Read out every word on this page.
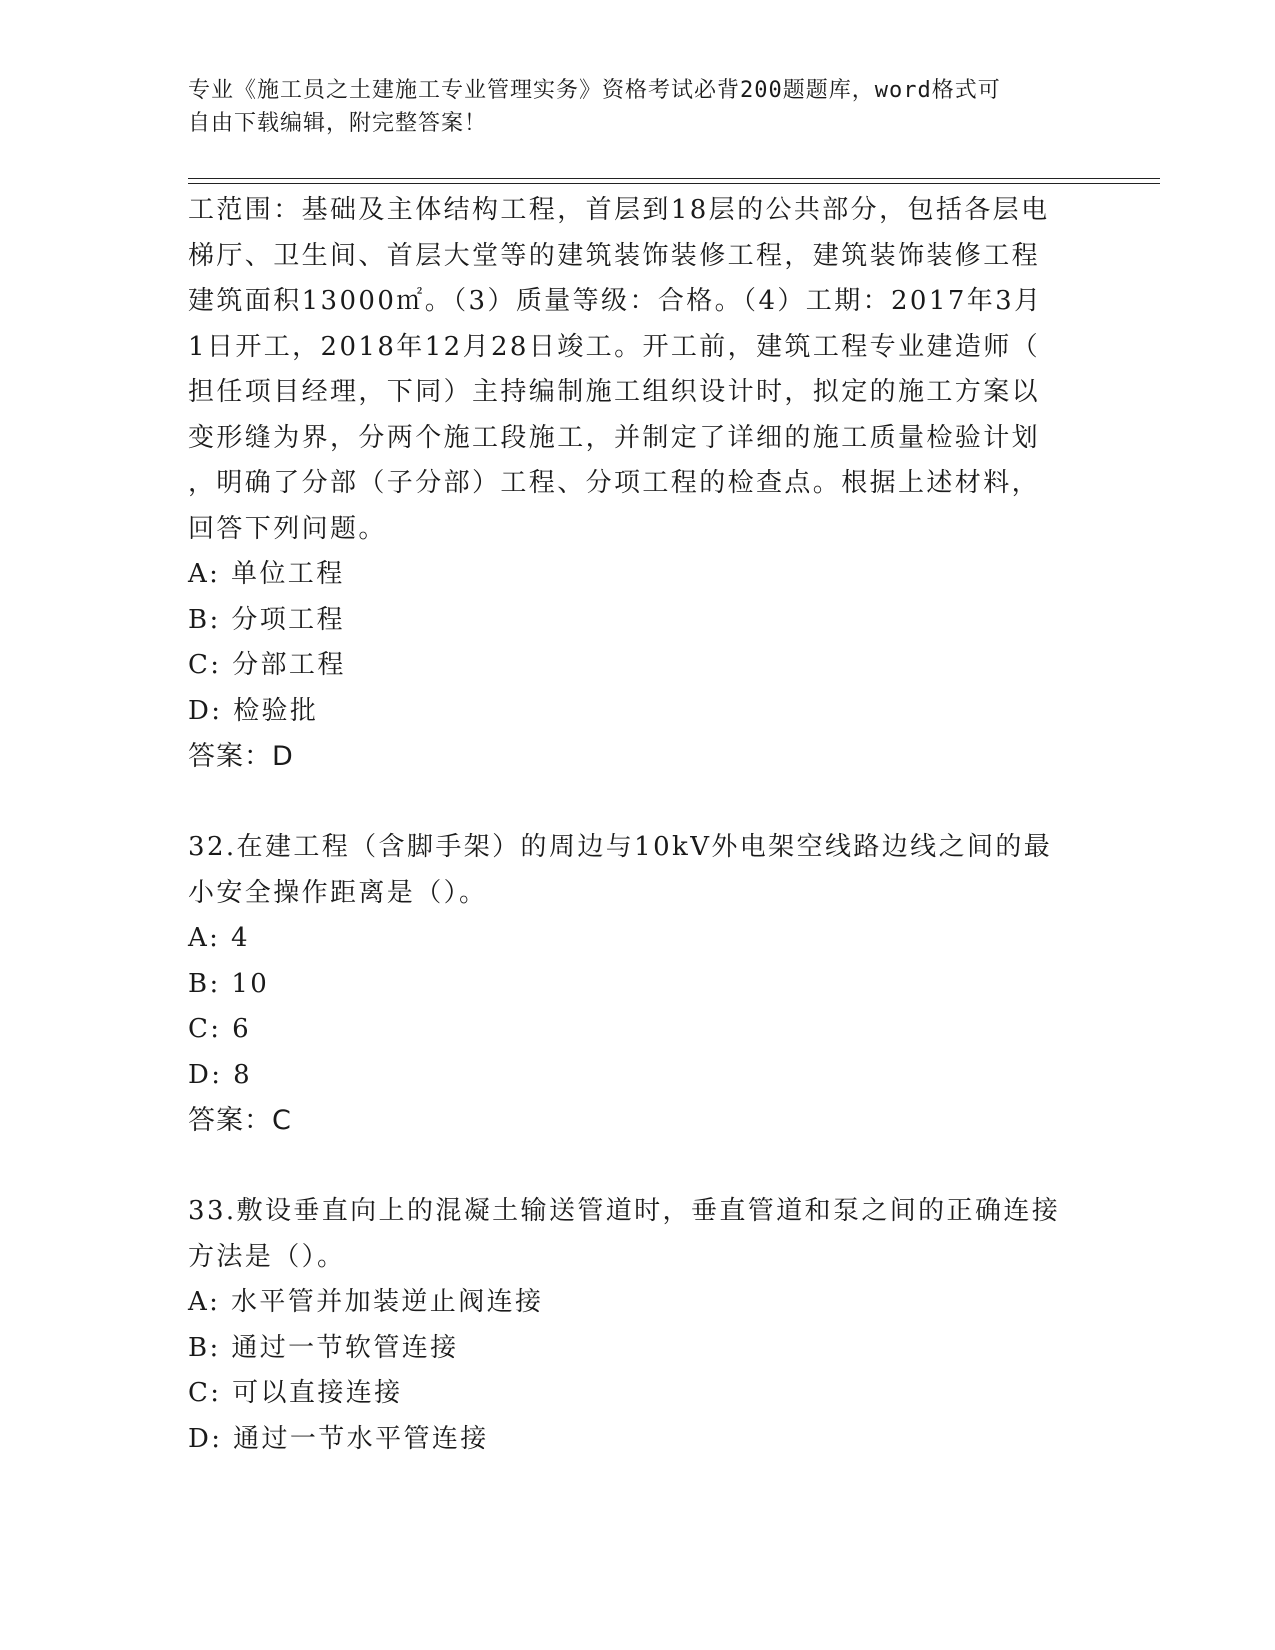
专业《施工员之土建施工专业管理实务》资格考试必背200题题库，word格式可
自由下载编辑，附完整答案！
工范围：基础及主体结构工程，首层到18层的公共部分，包括各层电
梯厅、卫生间、首层大堂等的建筑装饰装修工程，建筑装饰装修工程
建筑面积13000㎡。（3）质量等级：合格。（4）工期：2017年3月
1日开工，2018年12月28日竣工。开工前，建筑工程专业建造师（
担任项目经理，下同）主持编制施工组织设计时，拟定的施工方案以
变形缝为界，分两个施工段施工，并制定了详细的施工质量检验计划
，明确了分部（子分部）工程、分项工程的检查点。根据上述材料，
回答下列问题。
A: 单位工程
B: 分项工程
C: 分部工程
D: 检验批
答案：D
32.在建工程（含脚手架）的周边与10kV外电架空线路边线之间的最
小安全操作距离是（）。
A: 4
B: 10
C: 6
D: 8
答案：C
33.敷设垂直向上的混凝土输送管道时，垂直管道和泵之间的正确连接
方法是（）。
A: 水平管并加装逆止阀连接
B: 通过一节软管连接
C: 可以直接连接
D: 通过一节水平管连接
